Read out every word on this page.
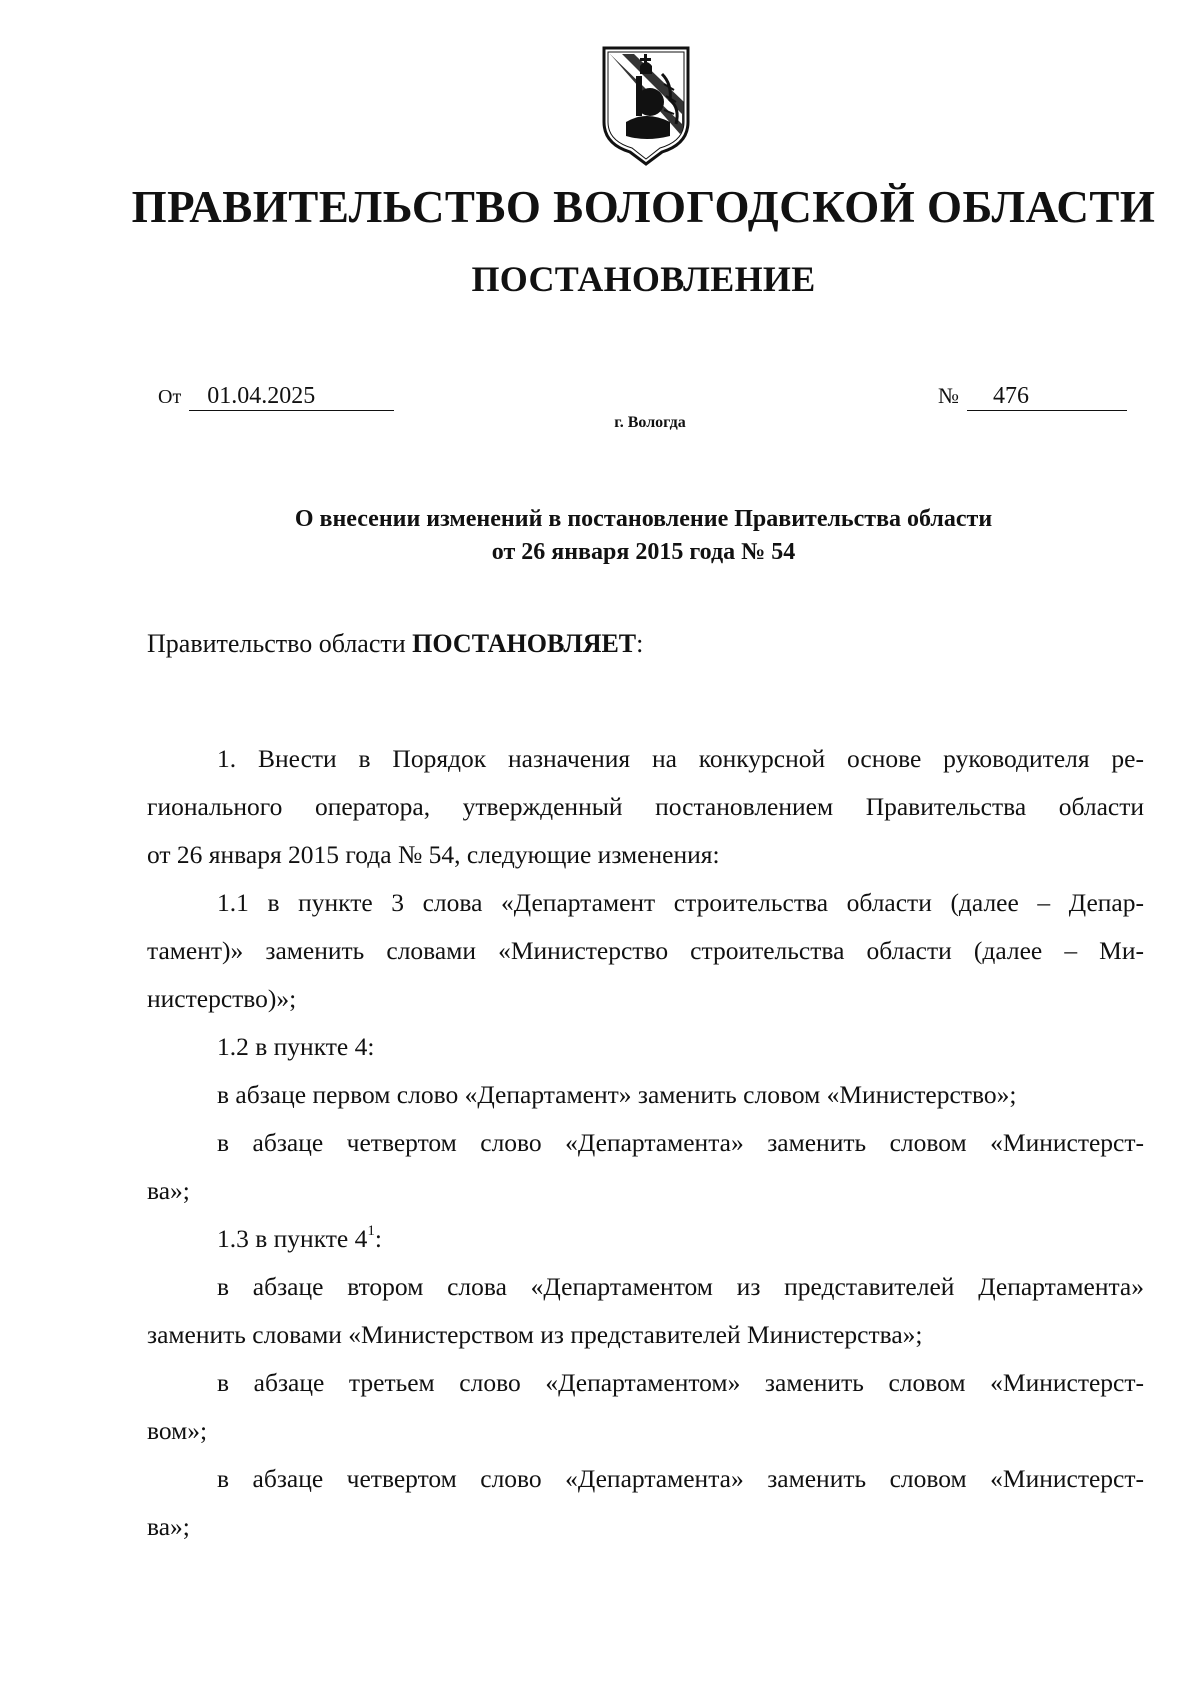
ПРАВИТЕЛЬСТВО ВОЛОГОДСКОЙ ОБЛАСТИ
ПОСТАНОВЛЕНИЕ
От 01.04.2025	№ 476
г. Вологда
О внесении изменений в постановление Правительства области
от 26 января 2015 года № 54
Правительство области ПОСТАНОВЛЯЕТ:

1. Внести в Порядок назначения на конкурсной основе руководителя ре-

гионального оператора, утвержденный постановлением Правительства области

от 26 января 2015 года № 54, следующие изменения:

1.1 в пункте 3 слова «Департамент строительства области (далее – Депар-

тамент)» заменить словами «Министерство строительства области (далее – Ми-

нистерство)»;

1.2 в пункте 4:

в абзаце первом слово «Департамент» заменить словом «Министерство»;

в абзаце четвертом слово «Департамента» заменить словом «Министерст-

ва»;

1.3 в пункте $4^1$:

в абзаце втором слова «Департаментом из представителей Департамента»

заменить словами «Министерством из представителей Министерства»;

в абзаце третьем слово «Департаментом» заменить словом «Министерст-

вом»;

в абзаце четвертом слово «Департамента» заменить словом «Министерст-

ва»;
